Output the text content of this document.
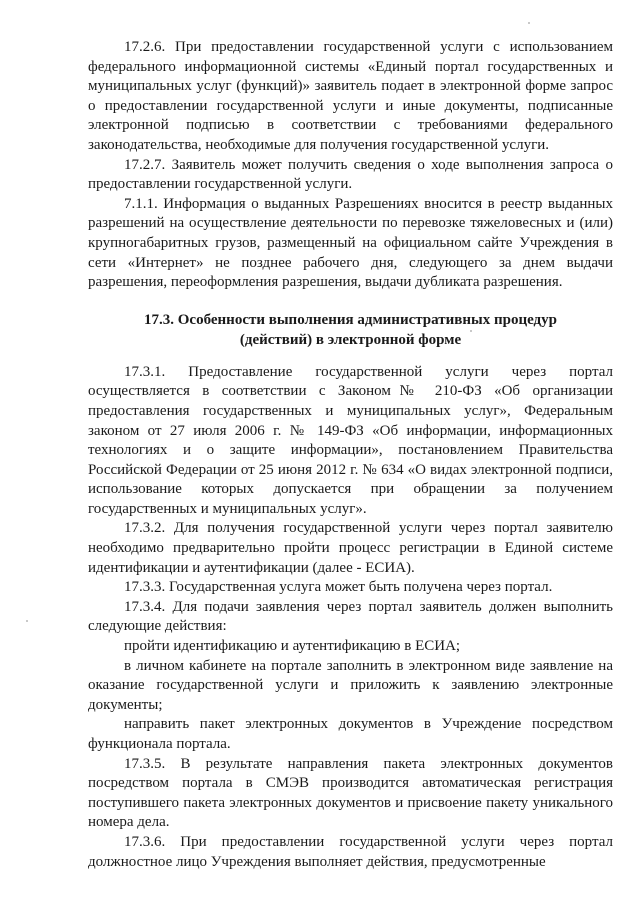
17.2.6. При предоставлении государственной услуги с использованием федерального информационной системы «Единый портал государственных и муниципальных услуг (функций)» заявитель подает в электронной форме запрос о предоставлении государственной услуги и иные документы, подписанные электронной подписью в соответствии с требованиями федерального законодательства, необходимые для получения государственной услуги.

17.2.7. Заявитель может получить сведения о ходе выполнения запроса о предоставлении государственной услуги.

7.1.1. Информация о выданных Разрешениях вносится в реестр выданных разрешений на осуществление деятельности по перевозке тяжеловесных и (или) крупногабаритных грузов, размещенный на официальном сайте Учреждения в сети «Интернет» не позднее рабочего дня, следующего за днем выдачи разрешения, переоформления разрешения, выдачи дубликата разрешения.

17.3. Особенности выполнения административных процедур
(действий) в электронной форме

17.3.1. Предоставление государственной услуги через портал осуществляется в соответствии с Законом№ 210-ФЗ «Об организации предоставления государственных и муниципальных услуг», Федеральным законом от 27 июля 2006 г. № 149-ФЗ «Об информации, информационных технологиях и о защите информации», постановлением Правительства Российской Федерации от 25 июня 2012 г. № 634 «О видах электронной подписи, использование которых допускается при обращении за получением государственных и муниципальных услуг».

17.3.2. Для получения государственной услуги через портал заявителю необходимо предварительно пройти процесс регистрации в Единой системе идентификации и аутентификации (далее - ЕСИА).

17.3.3. Государственная услуга может быть получена через портал.

17.3.4. Для подачи заявления через портал заявитель должен выполнить следующие действия:

пройти идентификацию и аутентификацию в ЕСИА;

в личном кабинете на портале заполнить в электронном виде заявление на оказание государственной услуги и приложить к заявлению электронные документы;

направить пакет электронных документов в Учреждение посредством функционала портала.

17.3.5. В результате направления пакета электронных документов посредством портала в СМЭВ производится автоматическая регистрация поступившего пакета электронных документов и присвоение пакету уникального номера дела.

17.3.6. При предоставлении государственной услуги через портал должностное лицо Учреждения выполняет действия, предусмотренные
